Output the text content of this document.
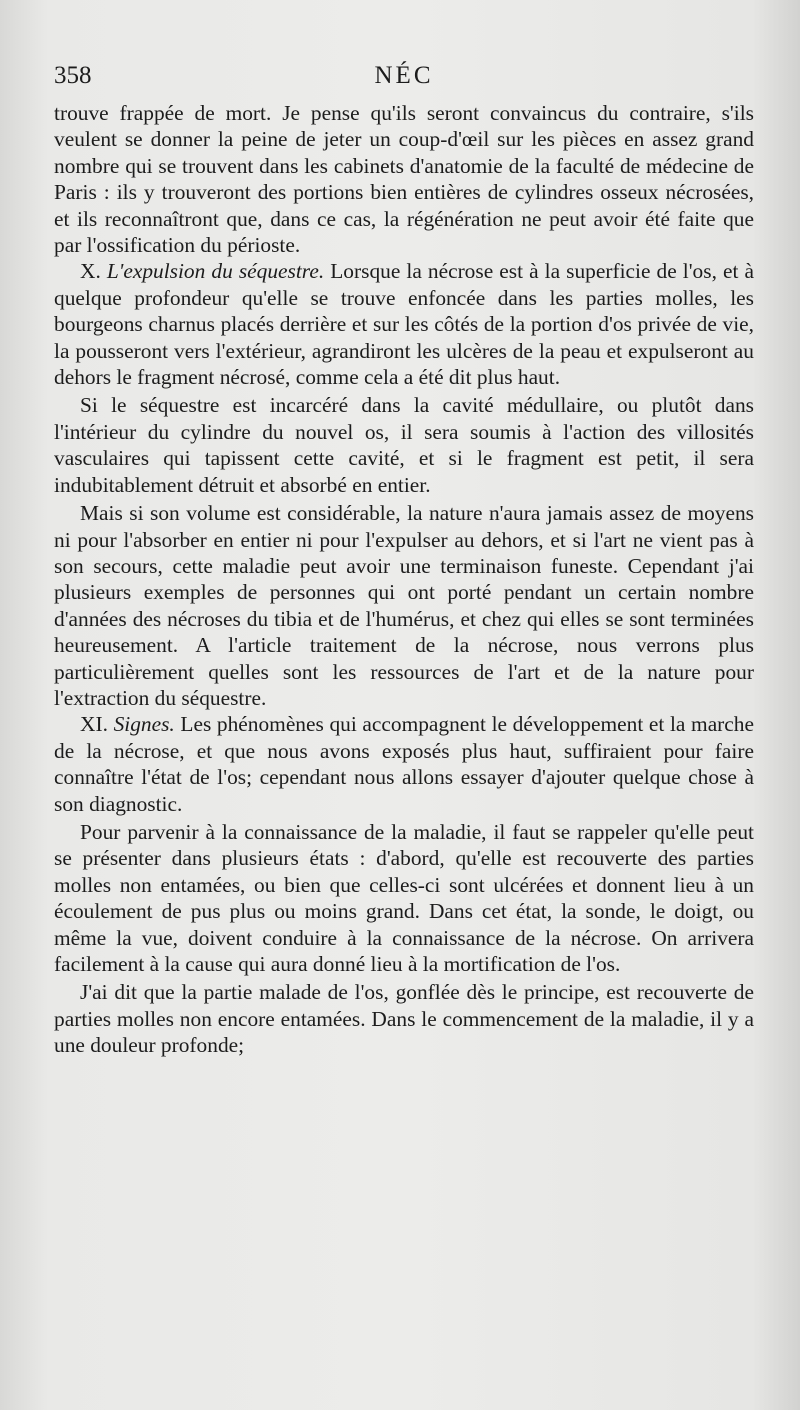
358	NÉC

trouve frappée de mort. Je pense qu'ils seront convaincus du contraire, s'ils veulent se donner la peine de jeter un coup-d'œil sur les pièces en assez grand nombre qui se trouvent dans les cabinets d'anatomie de la faculté de médecine de Paris : ils y trouveront des portions bien entières de cylindres osseux nécrosées, et ils reconnaîtront que, dans ce cas, la régénération ne peut avoir été faite que par l'ossification du périoste.

X. L'expulsion du séquestre. Lorsque la nécrose est à la superficie de l'os, et à quelque profondeur qu'elle se trouve enfoncée dans les parties molles, les bourgeons charnus placés derrière et sur les côtés de la portion d'os privée de vie, la pousseront vers l'extérieur, agrandiront les ulcères de la peau et expulseront au dehors le fragment nécrosé, comme cela a été dit plus haut.

Si le séquestre est incarcéré dans la cavité médullaire, ou plutôt dans l'intérieur du cylindre du nouvel os, il sera soumis à l'action des villosités vasculaires qui tapissent cette cavité, et si le fragment est petit, il sera indubitablement détruit et absorbé en entier.

Mais si son volume est considérable, la nature n'aura jamais assez de moyens ni pour l'absorber en entier ni pour l'expulser au dehors, et si l'art ne vient pas à son secours, cette maladie peut avoir une terminaison funeste. Cependant j'ai plusieurs exemples de personnes qui ont porté pendant un certain nombre d'années des nécroses du tibia et de l'humérus, et chez qui elles se sont terminées heureusement. A l'article traitement de la nécrose, nous verrons plus particulièrement quelles sont les ressources de l'art et de la nature pour l'extraction du séquestre.

XI. Signes. Les phénomènes qui accompagnent le développement et la marche de la nécrose, et que nous avons exposés plus haut, suffiraient pour faire connaître l'état de l'os; cependant nous allons essayer d'ajouter quelque chose à son diagnostic.

Pour parvenir à la connaissance de la maladie, il faut se rappeler qu'elle peut se présenter dans plusieurs états : d'abord, qu'elle est recouverte des parties molles non entamées, ou bien que celles-ci sont ulcérées et donnent lieu à un écoulement de pus plus ou moins grand. Dans cet état, la sonde, le doigt, ou même la vue, doivent conduire à la connaissance de la nécrose. On arrivera facilement à la cause qui aura donné lieu à la mortification de l'os.

J'ai dit que la partie malade de l'os, gonflée dès le principe, est recouverte de parties molles non encore entamées. Dans le commencement de la maladie, il y a une douleur profonde;
